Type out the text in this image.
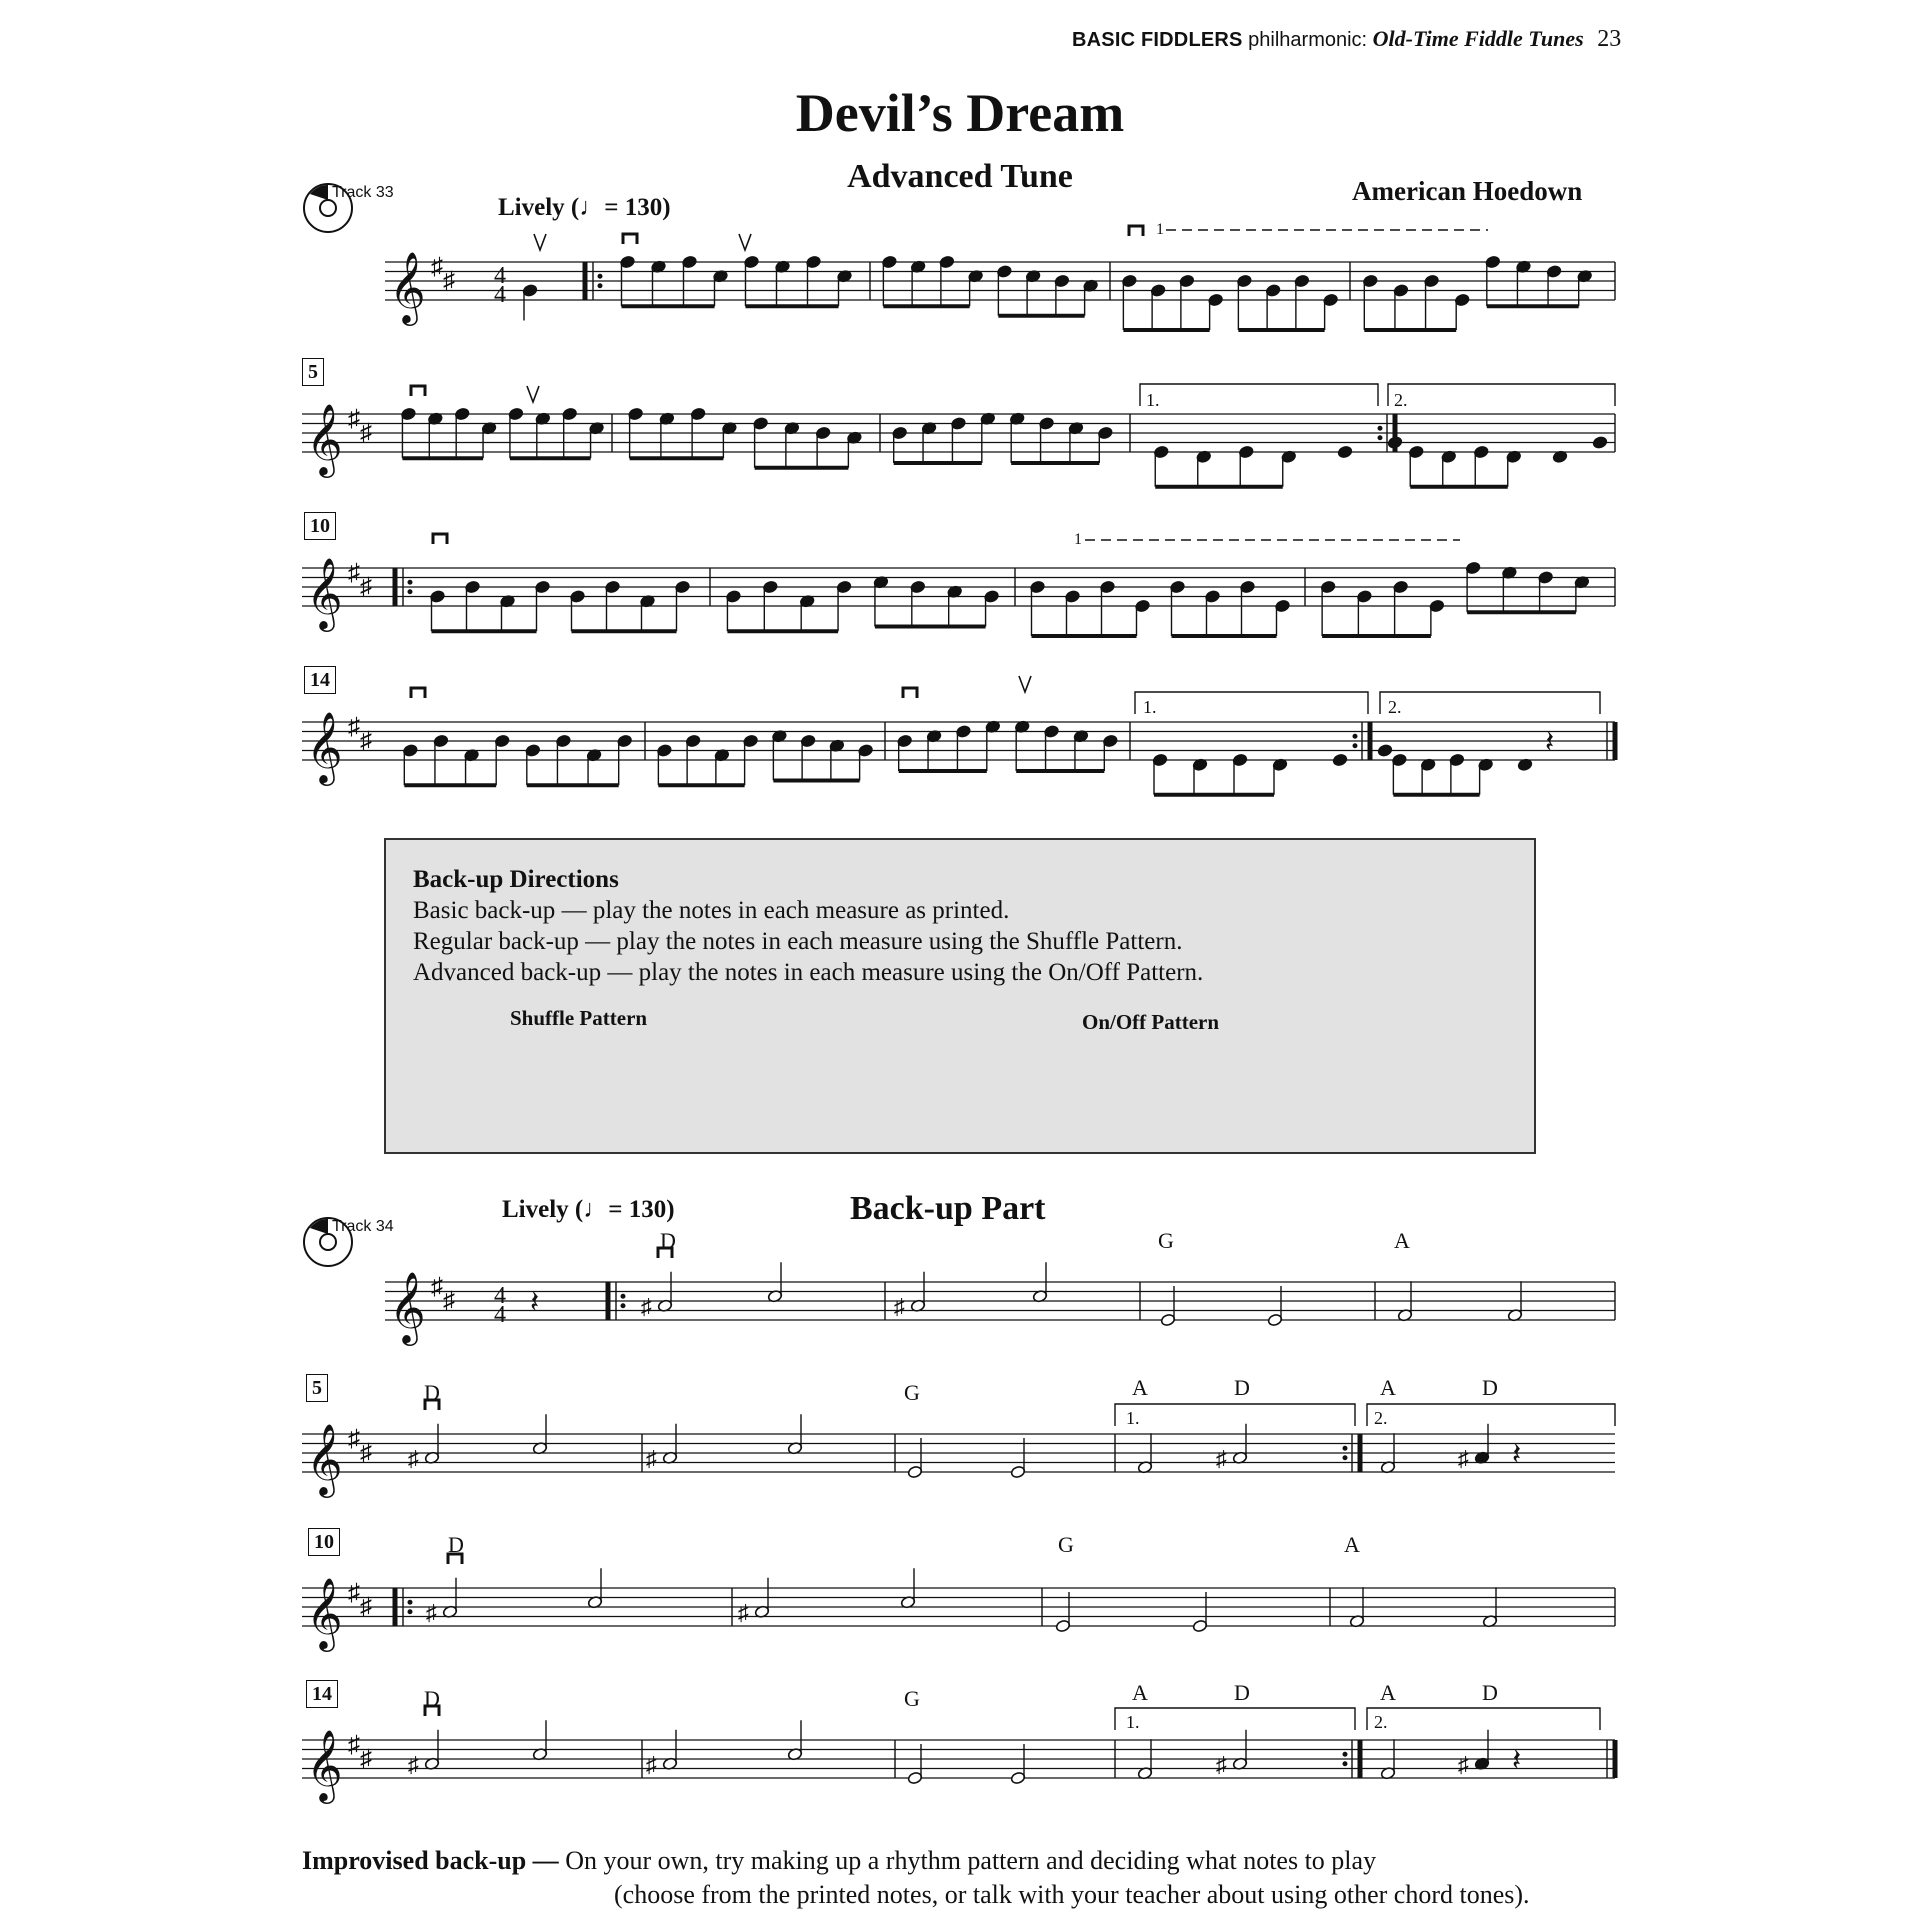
BASIC FIDDLERS philharmonic: Old-Time Fiddle Tunes 23
Devil’s Dream
Advanced Tune	American Hoedown
Track 33
Lively (♩= 130)
𝄞 ♯
♯
4
4
1
𝄞 ♯
♯
𝄞 ♯
♯
1
𝄞 ♯
♯	𝄽
𝄞 ♯
♯
4
4 𝄽	♯	♯
𝄞 ♯
♯ ♯	♯	♯	♯ 𝄽
𝄞 ♯
♯ ♯	♯
𝄞 ♯
♯ ♯	♯	♯	♯ 𝄽
5
10
14
1.	2.
1.	2.
Back-up Directions
Basic back-up — play the notes in each measure as printed.
Regular back-up — play the notes in each measure using the Shuffle Pattern.
Advanced back-up — play the notes in each measure using the On/Off Pattern.
Shuffle Pattern	On/Off Pattern
Back-up Part
Track 34
Lively (♩= 130)
D	G	A
5	D	G	A	D	A	D
1.	2.
10	D	G	A
14	D	G	A	D	A	D
1.	2.
Improvised back-up — On your own, try making up a rhythm pattern and deciding what notes to play
(choose from the printed notes, or talk with your teacher about using other chord tones).
